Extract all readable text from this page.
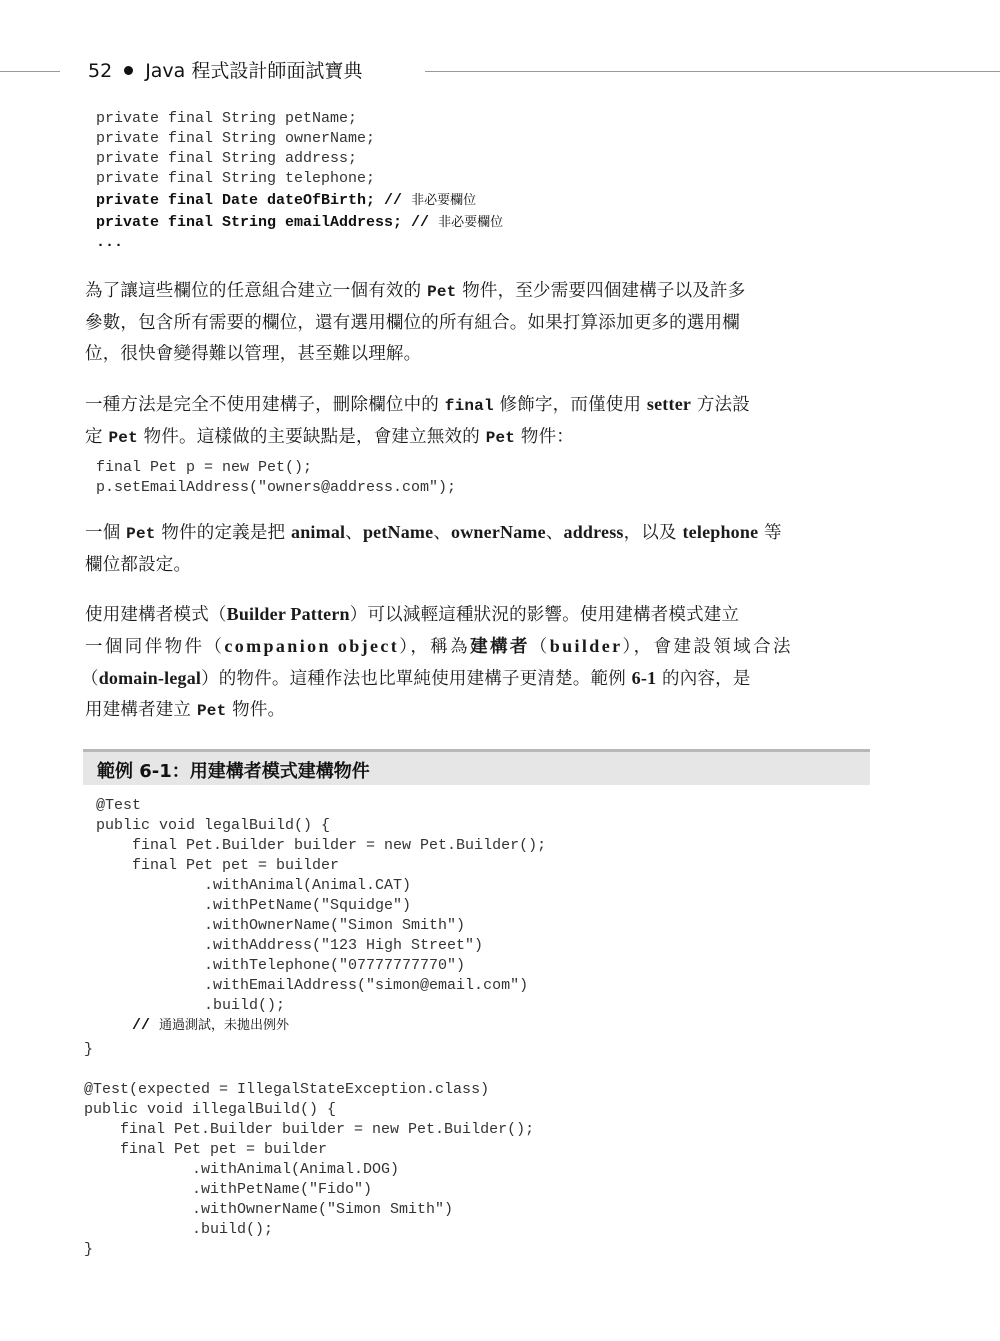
52 Java 程式設計師面試寶典
private final String petName;
private final String ownerName;
private final String address;
private final String telephone;
private final Date dateOfBirth; // 非必要欄位
private final String emailAddress; // 非必要欄位
...
為了讓這些欄位的任意組合建立一個有效的 Pet 物件，至少需要四個建構子以及許多
參數，包含所有需要的欄位，還有選用欄位的所有組合。如果打算添加更多的選用欄
位，很快會變得難以管理，甚至難以理解。
一種方法是完全不使用建構子，刪除欄位中的 final 修飾字，而僅使用 setter 方法設
定 Pet 物件。這樣做的主要缺點是，會建立無效的 Pet 物件：
final Pet p = new Pet();
p.setEmailAddress("owners@address.com");
一個 Pet 物件的定義是把 animal、petName、ownerName、address，以及 telephone 等
欄位都設定。
使用建構者模式（Builder Pattern）可以減輕這種狀況的影響。使用建構者模式建立
一個同伴物件（companion object），稱為建構者（builder），會建設領域合法
（domain-legal）的物件。這種作法也比單純使用建構子更清楚。範例 6-1 的內容，是
用建構者建立 Pet 物件。
範例 6-1：用建構者模式建構物件
@Test
public void legalBuild() {
final Pet.Builder builder = new Pet.Builder();
final Pet pet = builder
.withAnimal(Animal.CAT)
.withPetName("Squidge")
.withOwnerName("Simon Smith")
.withAddress("123 High Street")
.withTelephone("07777777770")
.withEmailAddress("simon@email.com")
.build();
// 通過測試，未拋出例外
}
@Test(expected = IllegalStateException.class)
public void illegalBuild() {
final Pet.Builder builder = new Pet.Builder();
final Pet pet = builder
.withAnimal(Animal.DOG)
.withPetName("Fido")
.withOwnerName("Simon Smith")
.build();
}
